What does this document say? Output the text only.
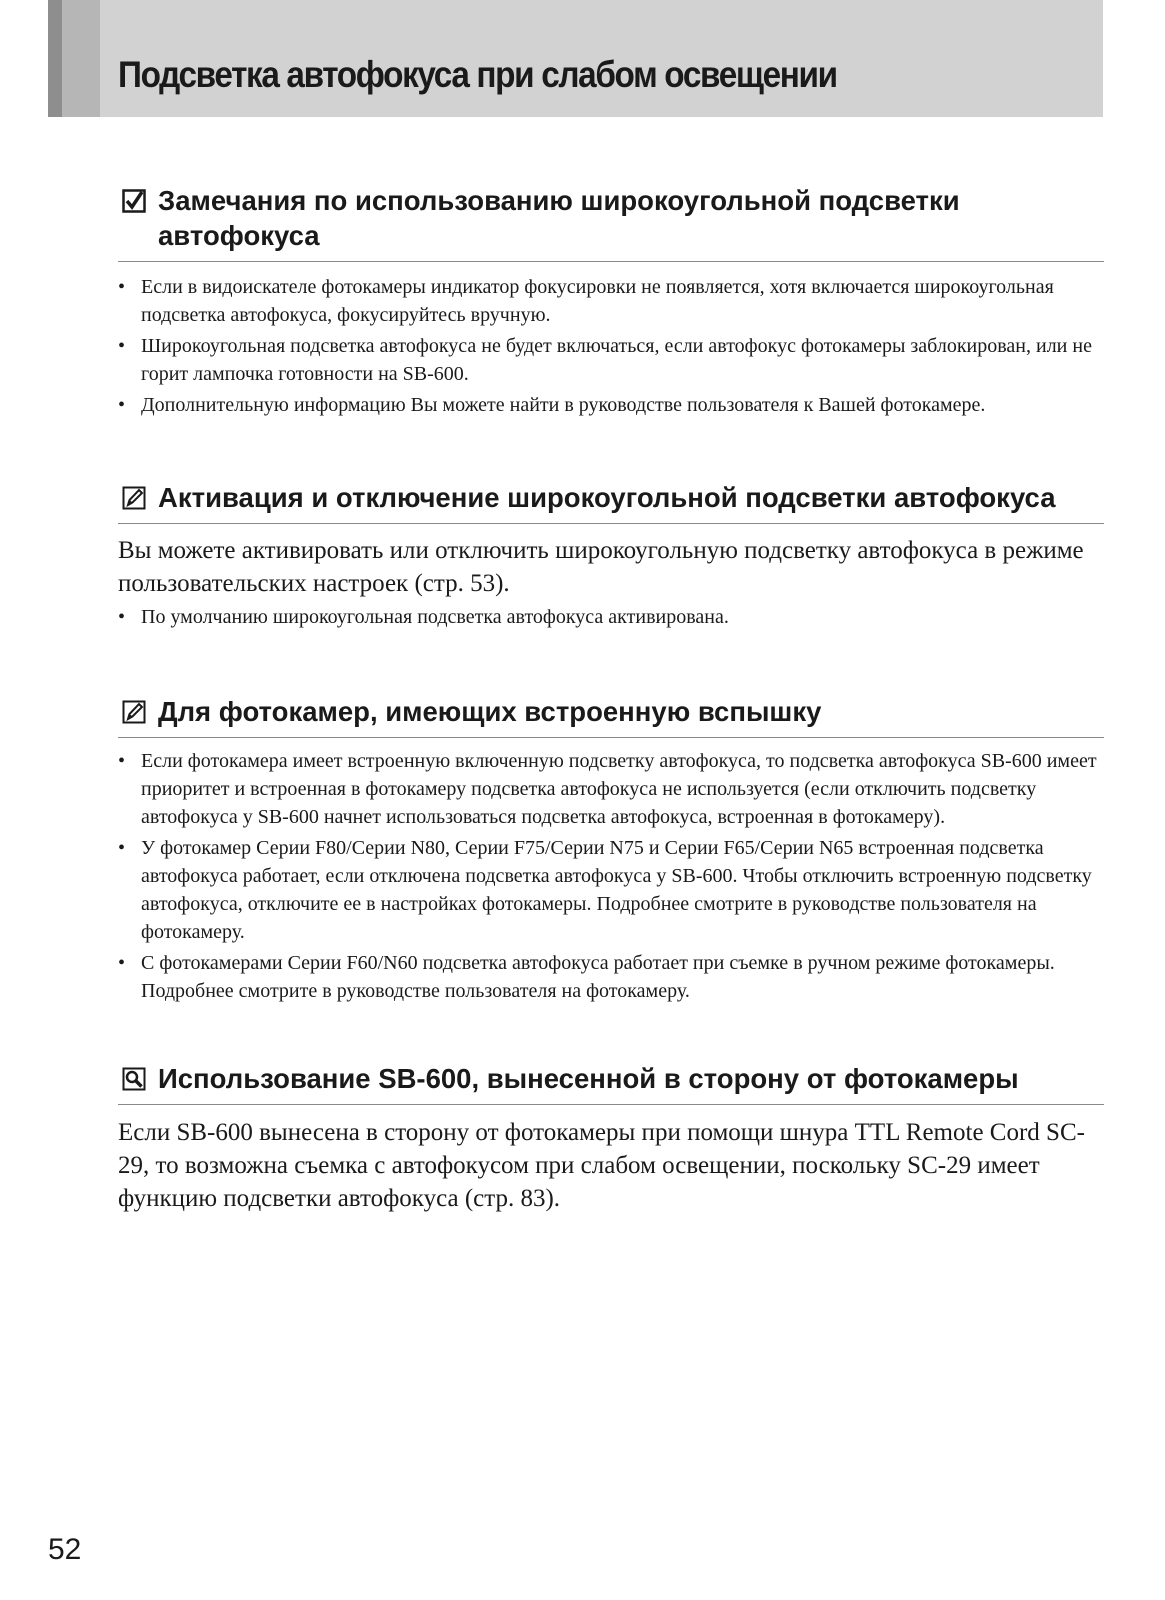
Подсветка автофокуса при слабом освещении
Замечания по использованию широкоугольной подсветки автофокуса
• Если в видоискателе фотокамеры индикатор фокусировки не появляется, хотя включается широкоугольная подсветка автофокуса, фокусируйтесь вручную.
• Широкоугольная подсветка автофокуса не будет включаться, если автофокус фотокамеры заблокирован, или не горит лампочка готовности на SB-600.
• Дополнительную информацию Вы можете найти в руководстве пользователя к Вашей фотокамере.
Активация и отключение широкоугольной подсветки автофокуса

Вы можете активировать или отключить широкоугольную подсветку автофокуса в режиме пользовательских настроек (стр. 53).

• По умолчанию широкоугольная подсветка автофокуса активирована.
Для фотокамер, имеющих встроенную вспышку
• Если фотокамера имеет встроенную включенную подсветку автофокуса, то подсветка автофокуса SB-600 имеет приоритет и встроенная в фотокамеру подсветка автофокуса не используется (если отключить подсветку автофокуса у SB-600 начнет использоваться подсветка автофокуса, встроенная в фотокамеру).
• У фотокамер Серии F80/Серии N80, Серии F75/Серии N75 и Серии F65/Серии N65 встроенная подсветка автофокуса работает, если отключена подсветка автофокуса у SB-600. Чтобы отключить встроенную подсветку автофокуса, отключите ее в настройках фотокамеры. Подробнее смотрите в руководстве пользователя на фотокамеру.
• С фотокамерами Серии F60/N60 подсветка автофокуса работает при съемке в ручном режиме фотокамеры. Подробнее смотрите в руководстве пользователя на фотокамеру.
Использование SB-600, вынесенной в сторону от фотокамеры

Если SB-600 вынесена в сторону от фотокамеры при помощи шнура TTL Remote Cord SC-29, то возможна съемка с автофокусом при слабом освещении, поскольку SC-29 имеет функцию подсветки автофокуса (стр. 83).

52
